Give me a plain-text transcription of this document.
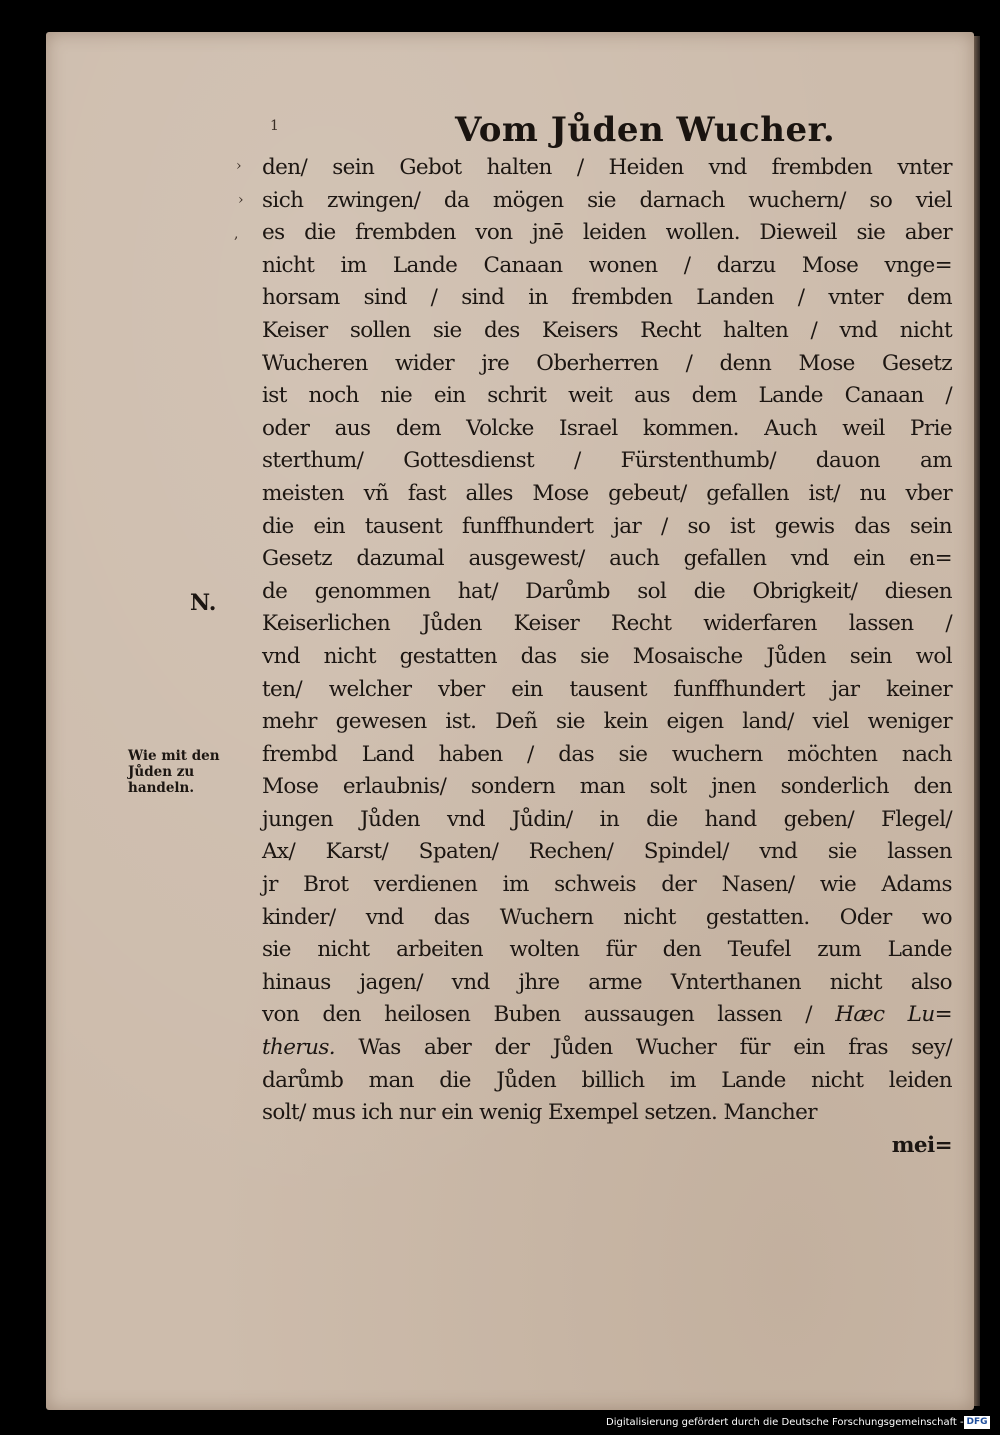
1	Vom Jůden Wucher.
›
›
,
N.
Wie mit den
Jůden zu
handeln.
den/ sein Gebot halten / Heiden vnd frembden vnter
sich zwingen/ da mögen sie darnach wuchern/ so viel
es die frembden von jnē leiden wollen. Dieweil sie aber
nicht im Lande Canaan wonen / darzu Mose vnge=
horsam sind / sind in frembden Landen / vnter dem
Keiser sollen sie des Keisers Recht halten / vnd nicht
Wucheren wider jre Oberherren / denn Mose Gesetz
ist noch nie ein schrit weit aus dem Lande Canaan /
oder aus dem Volcke Israel kommen. Auch weil Prie
sterthum/ Gottesdienst / Fürstenthumb/ dauon am
meisten vñ fast alles Mose gebeut/ gefallen ist/ nu vber
die ein tausent funffhundert jar / so ist gewis das sein
Gesetz dazumal ausgewest/ auch gefallen vnd ein en=
de genommen hat/ Darůmb sol die Obrigkeit/ diesen
Keiserlichen Jůden Keiser Recht widerfaren lassen /
vnd nicht gestatten das sie Mosaische Jůden sein wol
ten/ welcher vber ein tausent funffhundert jar keiner
mehr gewesen ist. Deñ sie kein eigen land/ viel weniger
frembd Land haben / das sie wuchern möchten nach
Mose erlaubnis/ sondern man solt jnen sonderlich den
jungen Jůden vnd Jůdin/ in die hand geben/ Flegel/
Ax/ Karst/ Spaten/ Rechen/ Spindel/ vnd sie lassen
jr Brot verdienen im schweis der Nasen/ wie Adams
kinder/ vnd das Wuchern nicht gestatten. Oder wo
sie nicht arbeiten wolten für den Teufel zum Lande
hinaus jagen/ vnd jhre arme Vnterthanen nicht also
von den heilosen Buben aussaugen lassen / Hæc Lu=
therus. Was aber der Jůden Wucher für ein fras sey/
darůmb man die Jůden billich im Lande nicht leiden
solt/ mus ich nur ein wenig Exempel setzen. Mancher
mei=
Digitalisierung gefördert durch die Deutsche Forschungsgemeinschaft - DFG
